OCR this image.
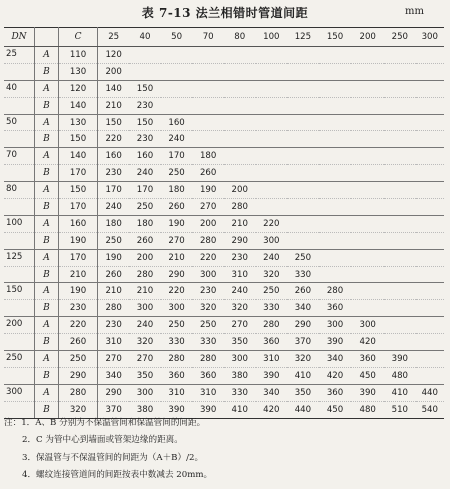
表 7-13 法兰相错时管道间距	mm
DN		C	25	40	50	70	80	100	125	150	200	250	300
25	A	110	120										
	B	130	200										
40	A	120	140	150									
	B	140	210	230									
50	A	130	150	150	160								
	B	150	220	230	240								
70	A	140	160	160	170	180							
	B	170	230	240	250	260							
80	A	150	170	170	180	190	200						
	B	170	240	250	260	270	280						
100	A	160	180	180	190	200	210	220					
	B	190	250	260	270	280	290	300					
125	A	170	190	200	210	220	230	240	250				
	B	210	260	280	290	300	310	320	330				
150	A	190	210	210	220	230	240	250	260	280			
	B	230	280	300	300	320	320	330	340	360			
200	A	220	230	240	250	250	270	280	290	300	300		
	B	260	310	320	330	330	350	360	370	390	420		
250	A	250	270	270	280	280	300	310	320	340	360	390	
	B	290	340	350	360	360	380	390	410	420	450	480	
300	A	280	290	300	310	310	330	340	350	360	390	410	440
	B	320	370	380	390	390	410	420	440	450	480	510	540
注：1．A、B 分别为不保温管间和保温管间的间距。
2．C 为管中心到墙面或管架边缘的距离。
3．保温管与不保温管间的间距为（A＋B）/2。
4．螺纹连接管道间的间距按表中数减去 20mm。
